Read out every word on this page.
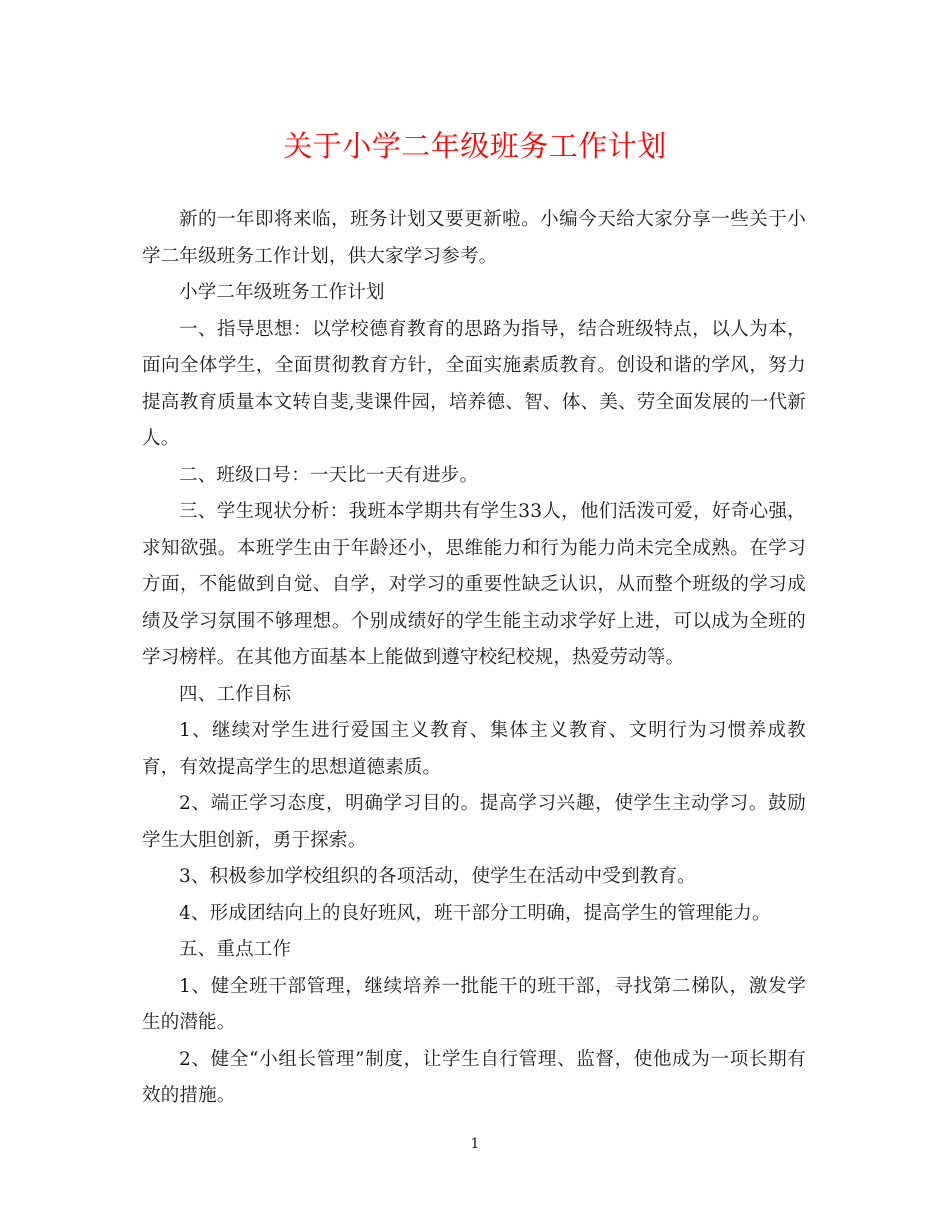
关于小学二年级班务工作计划

新的一年即将来临，班务计划又要更新啦。小编今天给大家分享一些关于小学二年级班务工作计划，供大家学习参考。

小学二年级班务工作计划

一、指导思想：以学校德育教育的思路为指导，结合班级特点，以人为本，面向全体学生，全面贯彻教育方针，全面实施素质教育。创设和谐的学风，努力提高教育质量本文转自斐,斐课件园，培养德、智、体、美、劳全面发展的一代新人。

二、班级口号：一天比一天有进步。

三、学生现状分析：我班本学期共有学生33人，他们活泼可爱，好奇心强，求知欲强。本班学生由于年龄还小，思维能力和行为能力尚未完全成熟。在学习方面，不能做到自觉、自学，对学习的重要性缺乏认识，从而整个班级的学习成绩及学习氛围不够理想。个别成绩好的学生能主动求学好上进，可以成为全班的学习榜样。在其他方面基本上能做到遵守校纪校规，热爱劳动等。

四、工作目标

1、继续对学生进行爱国主义教育、集体主义教育、文明行为习惯养成教育，有效提高学生的思想道德素质。

2、端正学习态度，明确学习目的。提高学习兴趣，使学生主动学习。鼓励学生大胆创新，勇于探索。

3、积极参加学校组织的各项活动，使学生在活动中受到教育。

4、形成团结向上的良好班风，班干部分工明确，提高学生的管理能力。

五、重点工作

1、健全班干部管理，继续培养一批能干的班干部，寻找第二梯队，激发学生的潜能。

2、健全“小组长管理”制度，让学生自行管理、监督，使他成为一项长期有效的措施。

1
